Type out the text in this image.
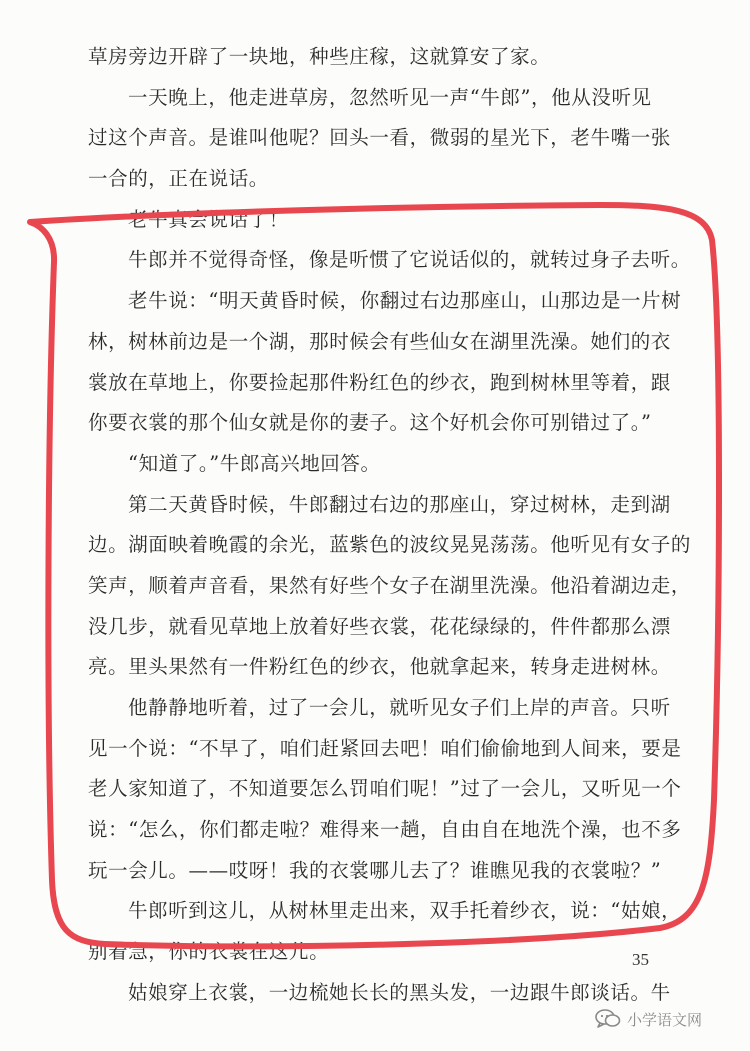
草房旁边开辟了一块地，种些庄稼，这就算安了家。
一天晚上，他走进草房，忽然听见一声“牛郎”，他从没听见
过这个声音。是谁叫他呢？回头一看，微弱的星光下，老牛嘴一张
一合的，正在说话。
老牛真会说话了！
牛郎并不觉得奇怪，像是听惯了它说话似的，就转过身子去听。
老牛说：“明天黄昏时候，你翻过右边那座山，山那边是一片树
林，树林前边是一个湖，那时候会有些仙女在湖里洗澡。她们的衣
裳放在草地上，你要捡起那件粉红色的纱衣，跑到树林里等着，跟
你要衣裳的那个仙女就是你的妻子。这个好机会你可别错过了。”
“知道了。”牛郎高兴地回答。
第二天黄昏时候，牛郎翻过右边的那座山，穿过树林，走到湖
边。湖面映着晚霞的余光，蓝紫色的波纹晃晃荡荡。他听见有女子的
笑声，顺着声音看，果然有好些个女子在湖里洗澡。他沿着湖边走，
没几步，就看见草地上放着好些衣裳，花花绿绿的，件件都那么漂
亮。里头果然有一件粉红色的纱衣，他就拿起来，转身走进树林。
他静静地听着，过了一会儿，就听见女子们上岸的声音。只听
见一个说：“不早了，咱们赶紧回去吧！咱们偷偷地到人间来，要是
老人家知道了，不知道要怎么罚咱们呢！”过了一会儿，又听见一个
说：“怎么，你们都走啦？难得来一趟，自由自在地洗个澡，也不多
玩一会儿。——哎呀！我的衣裳哪儿去了？谁瞧见我的衣裳啦？”
牛郎听到这儿，从树林里走出来，双手托着纱衣，说：“姑娘，
别着急，你的衣裳在这儿。”
姑娘穿上衣裳，一边梳她长长的黑头发，一边跟牛郎谈话。牛
35
小学语文网
